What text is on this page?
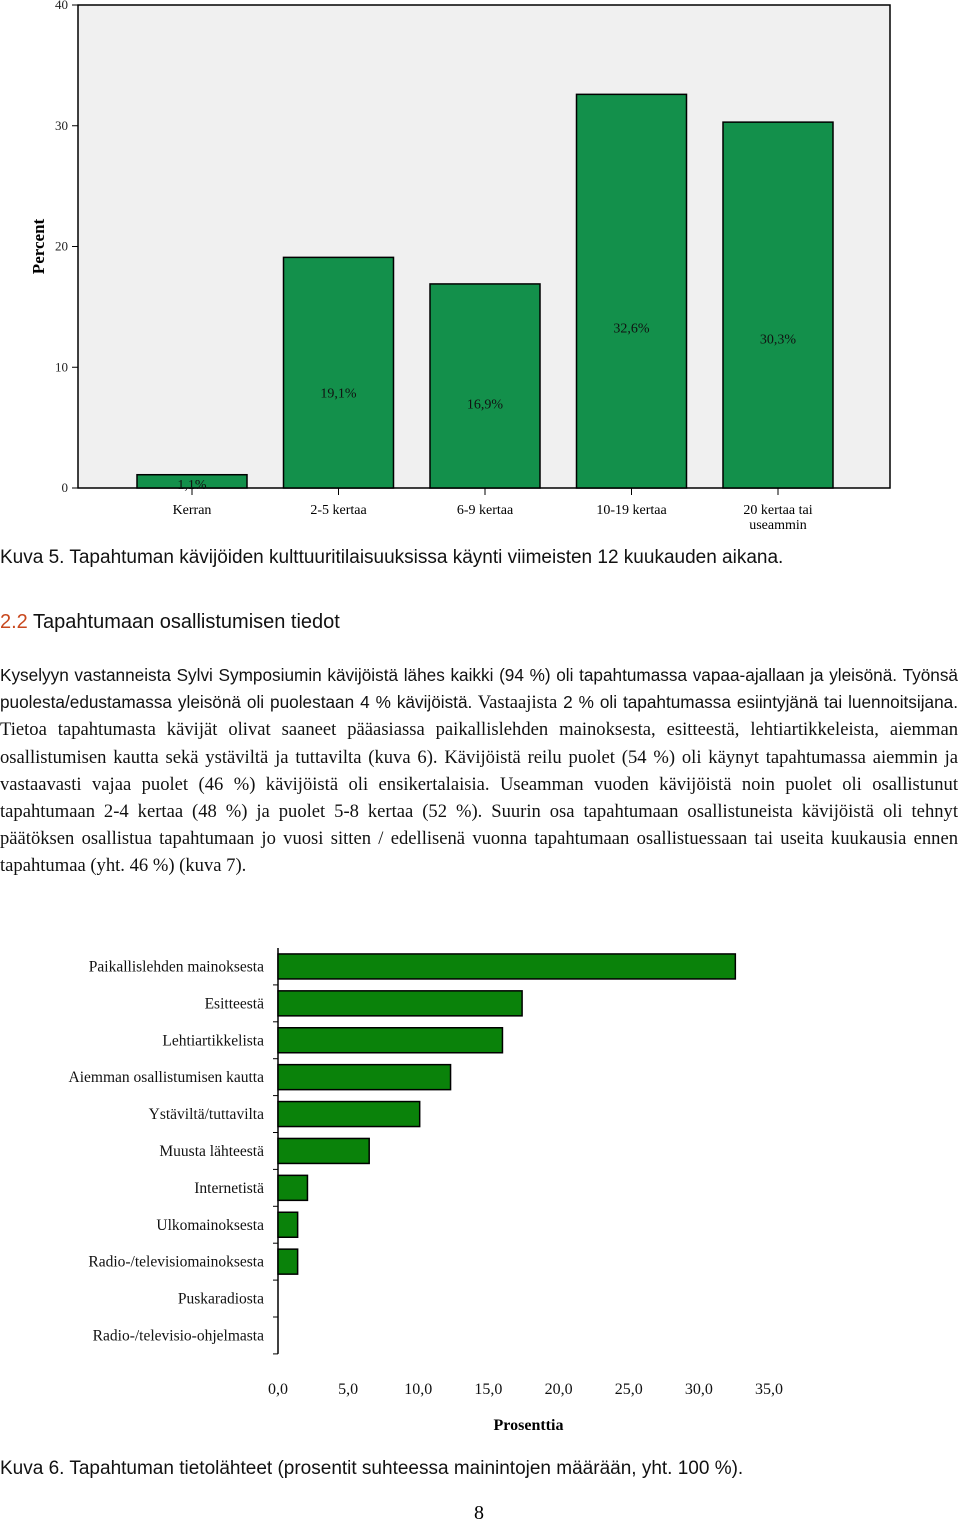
0
10
20
30
40
Percent
1,1%
Kerran
19,1%
2-5 kertaa
16,9%
6-9 kertaa
32,6%
10-19 kertaa
30,3%
20 kertaa tai
useammin
Kuva 5. Tapahtuman kävijöiden kulttuuritilaisuuksissa käynti viimeisten 12 kuukauden aikana.
2.2 Tapahtumaan osallistumisen tiedot
Kyselyyn vastanneista Sylvi Symposiumin kävijöistä lähes kaikki (94 %) oli tapahtumassa vapaa-ajallaan ja yleisönä. Työnsä puolesta/edustamassa yleisönä oli puolestaan 4 % kävijöistä. Vastaajista 2 % oli tapahtumassa esiintyjänä tai luennoitsijana. Tietoa tapahtumasta kävijät olivat saaneet pääasiassa paikallislehden mainoksesta, esitteestä, lehtiartikkeleista, aiemman osallistumisen kautta sekä ystäviltä ja tuttavilta (kuva 6). Kävijöistä reilu puolet (54 %) oli käynyt tapahtumassa aiemmin ja vastaavasti vajaa puolet (46 %) kävijöistä oli ensikertalaisia. Useamman vuoden kävijöistä noin puolet oli osallistunut tapahtumaan 2-4 kertaa (48 %) ja puolet 5-8 kertaa (52 %). Suurin osa tapahtumaan osallistuneista kävijöistä oli tehnyt päätöksen osallistua tapahtumaan jo vuosi sitten / edellisenä vuonna tapahtumaan osallistuessaan tai useita kuukausia ennen tapahtumaa (yht. 46 %) (kuva 7).
Paikallislehden mainoksesta
Esitteestä
Lehtiartikkelista
Aiemman osallistumisen kautta
Ystäviltä/tuttavilta
Muusta lähteestä
Internetistä
Ulkomainoksesta
Radio-/televisiomainoksesta
Puskaradiosta
Radio-/televisio-ohjelmasta
0,0	5,0	10,0	15,0	20,0	25,0	30,0	35,0
Prosenttia
Kuva 6. Tapahtuman tietolähteet (prosentit suhteessa mainintojen määrään, yht. 100 %).
8
